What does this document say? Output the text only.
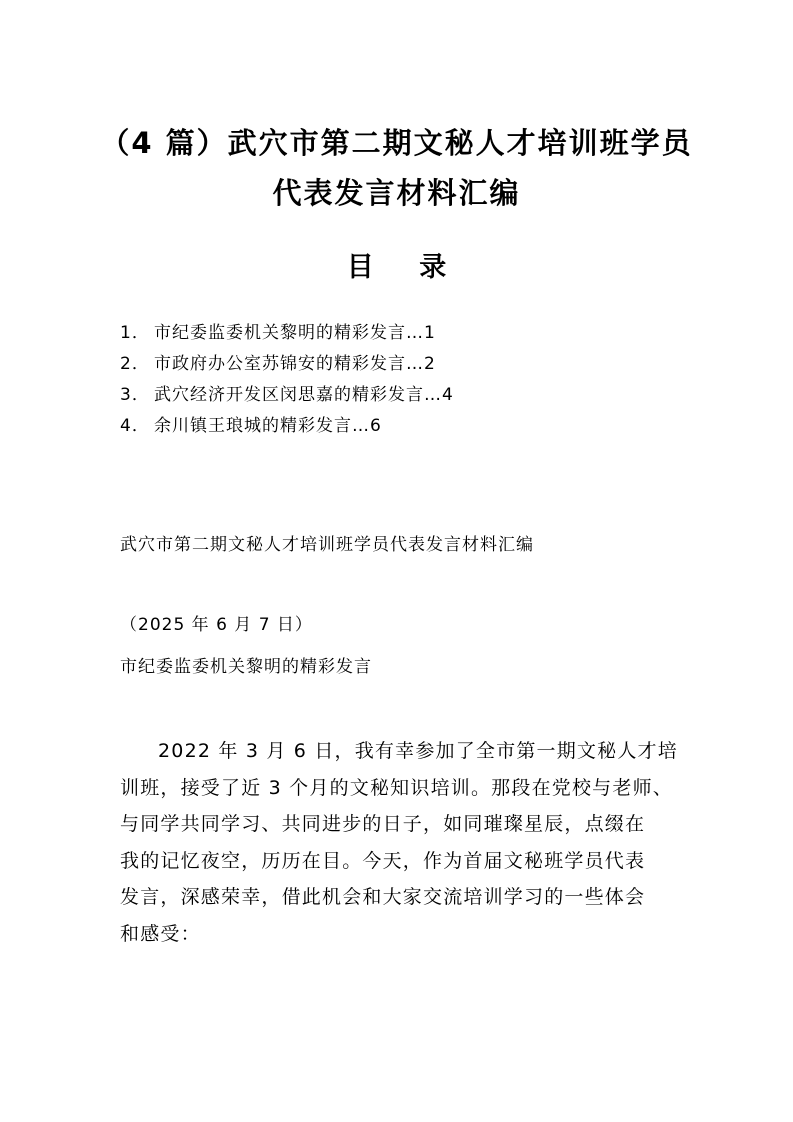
（4 篇）武穴市第二期文秘人才培训班学员
代表发言材料汇编
目 录
1． 市纪委监委机关黎明的精彩发言…1
2． 市政府办公室苏锦安的精彩发言…2
3． 武穴经济开发区闵思嘉的精彩发言…4
4． 余川镇王琅城的精彩发言…6

武穴市第二期文秘人才培训班学员代表发言材料汇编

（2025 年 6 月 7 日）

市纪委监委机关黎明的精彩发言

2022 年 3 月 6 日，我有幸参加了全市第一期文秘人才培
训班，接受了近 3 个月的文秘知识培训。那段在党校与老师、
与同学共同学习、共同进步的日子，如同璀璨星辰，点缀在
我的记忆夜空，历历在目。今天，作为首届文秘班学员代表
发言，深感荣幸，借此机会和大家交流培训学习的一些体会
和感受：
